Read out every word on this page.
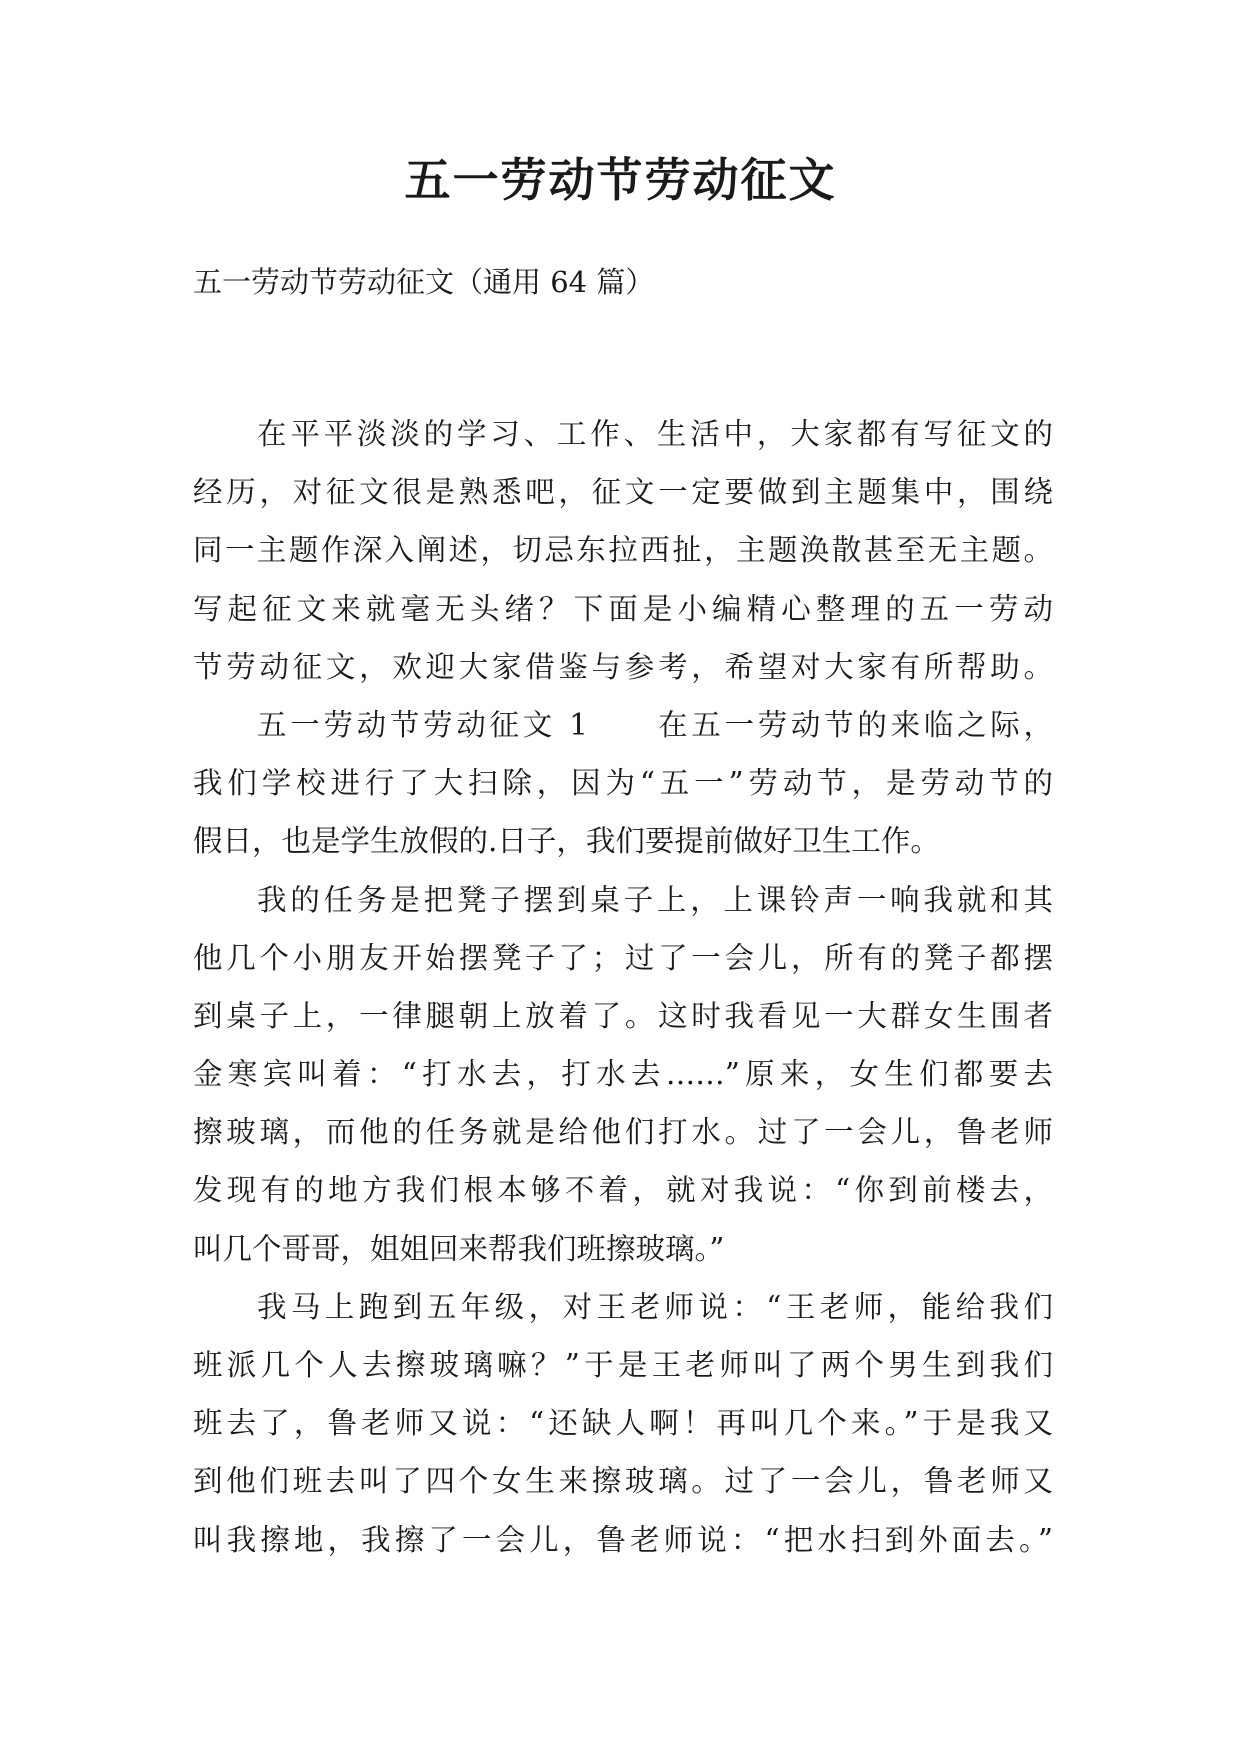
五一劳动节劳动征文

五一劳动节劳动征文（通用 64 篇）

在平平淡淡的学习、工作、生活中，大家都有写征文的

经历，对征文很是熟悉吧，征文一定要做到主题集中，围绕

同一主题作深入阐述，切忌东拉西扯，主题涣散甚至无主题。

写起征文来就毫无头绪？下面是小编精心整理的五一劳动

节劳动征文，欢迎大家借鉴与参考，希望对大家有所帮助。

五一劳动节劳动征文 1　　在五一劳动节的来临之际，

我们学校进行了大扫除，因为“五一”劳动节，是劳动节的

假日，也是学生放假的.日子，我们要提前做好卫生工作。

我的任务是把凳子摆到桌子上，上课铃声一响我就和其

他几个小朋友开始摆凳子了；过了一会儿，所有的凳子都摆

到桌子上，一律腿朝上放着了。这时我看见一大群女生围者

金寒宾叫着：“打水去，打水去……”原来，女生们都要去

擦玻璃，而他的任务就是给他们打水。过了一会儿，鲁老师

发现有的地方我们根本够不着，就对我说：“你到前楼去，

叫几个哥哥，姐姐回来帮我们班擦玻璃。”

我马上跑到五年级，对王老师说：“王老师，能给我们

班派几个人去擦玻璃嘛？”于是王老师叫了两个男生到我们

班去了，鲁老师又说：“还缺人啊！再叫几个来。”于是我又

到他们班去叫了四个女生来擦玻璃。过了一会儿，鲁老师又

叫我擦地，我擦了一会儿，鲁老师说：“把水扫到外面去。”
